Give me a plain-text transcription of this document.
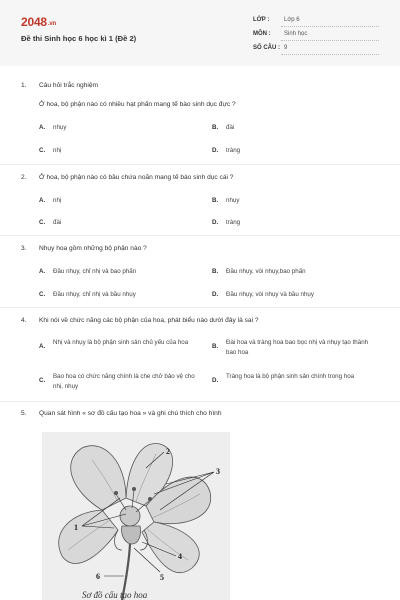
2048.vn
Đề thi Sinh học 6 học kì 1 (Đề 2)
LỚP : Lớp 6
MÔN : Sinh học
SỐ CÂU : 9
1. Câu hỏi trắc nghiệm
Ở hoa, bộ phận nào có nhiều hạt phấn mang tế bào sinh dục đực ?
A. nhụy	B. đài
C. nhị	D. tràng
2. Ở hoa, bộ phận nào có bầu chứa noãn mang tế bào sinh dục cái ?
A. nhị	B. nhụy
C. đài	D. tràng
3. Nhụy hoa gồm những bộ phận nào ?
A. Đầu nhụy, chỉ nhị và bao phấn	B. Đầu nhụy, vòi nhụy,bao phấn
C. Đầu nhụy, chỉ nhị và bầu nhụy	D. Đầu nhụy, vòi nhụy và bầu nhụy
4. Khi nói về chức năng các bộ phận của hoa, phát biểu nào dưới đây là sai ?
A.
Nhị và nhụy là bộ phận sinh sản chủ yếu của hoa
B.
Đài hoa và tràng hoa bao bọc nhị và nhụy tạo thành bao hoa
C.
Bao hoa có chức năng chính là che chở bảo vệ cho nhị, nhụy
D.
Tràng hoa là bộ phận sinh sản chính trong hoa
5. Quan sát hình « sơ đồ cấu tạo hoa » và ghi chú thích cho hình
1
2
3
4
5
6
Sơ đồ cấu tạo hoa
